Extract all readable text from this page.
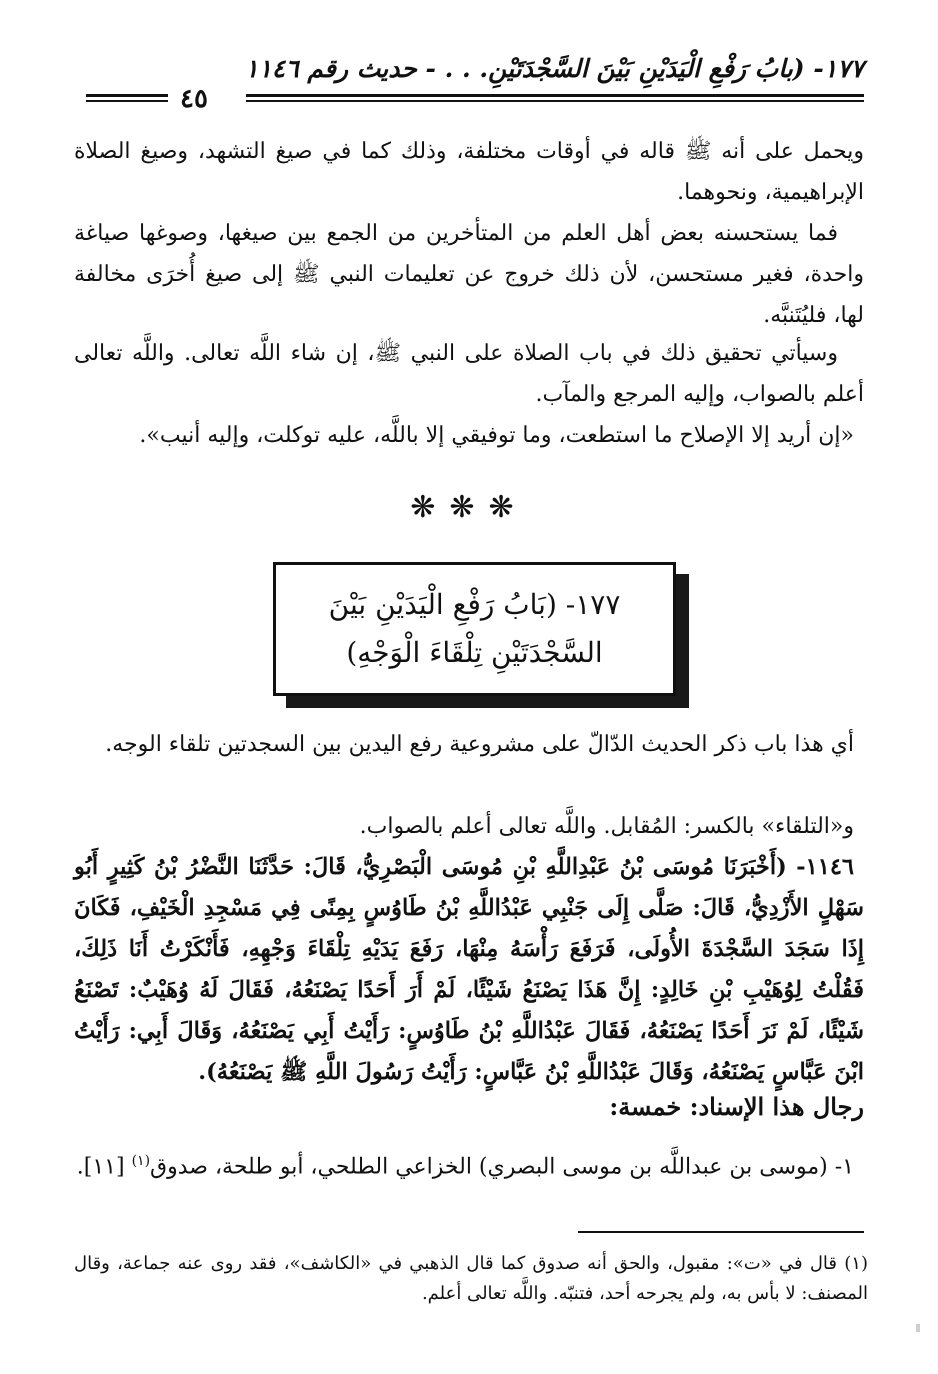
١٧٧- (بابُ رَفْعِ الْيَدَيْنِ بَيْنَ السَّجْدَتَيْنِ. . . - حديث رقم ١١٤٦
٤٥
ويحمل على أنه ﷺ قاله في أوقات مختلفة، وذلك كما في صيغ التشهد، وصيغ الصلاة الإبراهيمية، ونحوهما.
فما يستحسنه بعض أهل العلم من المتأخرين من الجمع بين صيغها، وصوغها صياغة واحدة، فغير مستحسن، لأن ذلك خروج عن تعليمات النبي ﷺ إلى صيغ أُخرَى مخالفة لها، فليُتَنبَّه.
وسيأتي تحقيق ذلك في باب الصلاة على النبي ﷺ، إن شاء اللَّه تعالى. واللَّه تعالى أعلم بالصواب، وإليه المرجع والمآب.
«إن أريد إلا الإصلاح ما استطعت، وما توفيقي إلا باللَّه، عليه توكلت، وإليه أنيب».
❋❋❋
١٧٧- (بَابُ رَفْعِ الْيَدَيْنِ بَيْنَ
السَّجْدَتَيْنِ تِلْقَاءَ الْوَجْهِ)
أي هذا باب ذكر الحديث الدّالّ على مشروعية رفع اليدين بين السجدتين تلقاء الوجه.
و«التلقاء» بالكسر: المُقابل. واللَّه تعالى أعلم بالصواب.
١١٤٦- (أَخْبَرَنَا مُوسَى بْنُ عَبْدِاللَّهِ بْنِ مُوسَى الْبَصْرِيُّ، قَالَ: حَدَّثَنَا النَّضْرُ بْنُ كَثِيرٍ أَبُو سَهْلٍ الأَزْدِيُّ، قَالَ: صَلَّى إِلَى جَنْبِي عَبْدُاللَّهِ بْنُ طَاوُسٍ بِمِنًى فِي مَسْجِدِ الْخَيْفِ، فَكَانَ إِذَا سَجَدَ السَّجْدَةَ الأُولَى، فَرَفَعَ رَأْسَهُ مِنْهَا، رَفَعَ يَدَيْهِ تِلْقَاءَ وَجْهِهِ، فَأَنْكَرْتُ أَنَا ذَلِكَ، فَقُلْتُ لِوُهَيْبِ بْنِ خَالِدٍ: إِنَّ هَذَا يَصْنَعُ شَيْئًا، لَمْ أَرَ أَحَدًا يَصْنَعُهُ، فَقَالَ لَهُ وُهَيْبٌ: تَصْنَعُ شَيْئًا، لَمْ نَرَ أَحَدًا يَصْنَعُهُ، فَقَالَ عَبْدُاللَّهِ بْنُ طَاوُسٍ: رَأَيْتُ أَبِي يَصْنَعُهُ، وَقَالَ أَبِي: رَأَيْتُ ابْنَ عَبَّاسٍ يَصْنَعُهُ، وَقَالَ عَبْدُاللَّهِ بْنُ عَبَّاسٍ: رَأَيْتُ رَسُولَ اللَّهِ ﷺ يَصْنَعُهُ).
رجال هذا الإسناد: خمسة:
١- (موسى بن عبداللَّه بن موسى البصري) الخزاعي الطلحي، أبو طلحة، صدوق$^{(١)}$ [١١].
(١) قال في «ت»: مقبول، والحق أنه صدوق كما قال الذهبي في «الكاشف»، فقد روى عنه جماعة، وقال المصنف: لا بأس به، ولم يجرحه أحد، فتنبّه. واللَّه تعالى أعلم.
